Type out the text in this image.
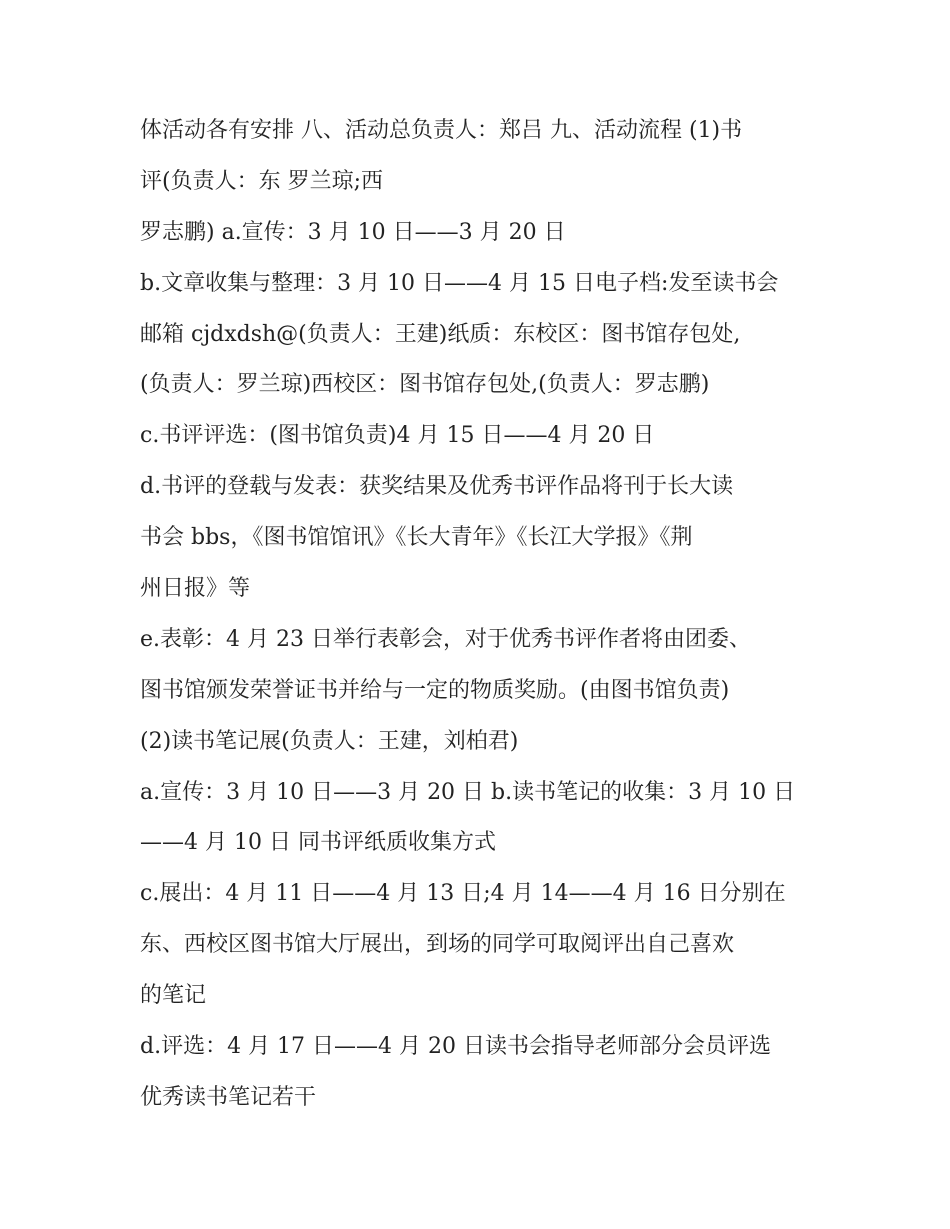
体活动各有安排 八、活动总负责人：郑吕 九、活动流程 (1)书
评(负责人：东 罗兰琼;西
罗志鹏) a.宣传：3 月 10 日——3 月 20 日
b.文章收集与整理：3 月 10 日——4 月 15 日电子档:发至读书会
邮箱 cjdxdsh@(负责人：王建)纸质：东校区：图书馆存包处,
(负责人：罗兰琼)西校区：图书馆存包处,(负责人：罗志鹏)
c.书评评选：(图书馆负责)4 月 15 日——4 月 20 日
d.书评的登载与发表：获奖结果及优秀书评作品将刊于长大读
书会 bbs，《图书馆馆讯》《长大青年》《长江大学报》《荆
州日报》等
e.表彰：4 月 23 日举行表彰会，对于优秀书评作者将由团委、
图书馆颁发荣誉证书并给与一定的物质奖励。(由图书馆负责)
(2)读书笔记展(负责人：王建，刘柏君)
a.宣传：3 月 10 日——3 月 20 日 b.读书笔记的收集：3 月 10 日
——4 月 10 日 同书评纸质收集方式
c.展出：4 月 11 日——4 月 13 日;4 月 14——4 月 16 日分别在
东、西校区图书馆大厅展出，到场的同学可取阅评出自己喜欢
的笔记
d.评选：4 月 17 日——4 月 20 日读书会指导老师部分会员评选
优秀读书笔记若干
